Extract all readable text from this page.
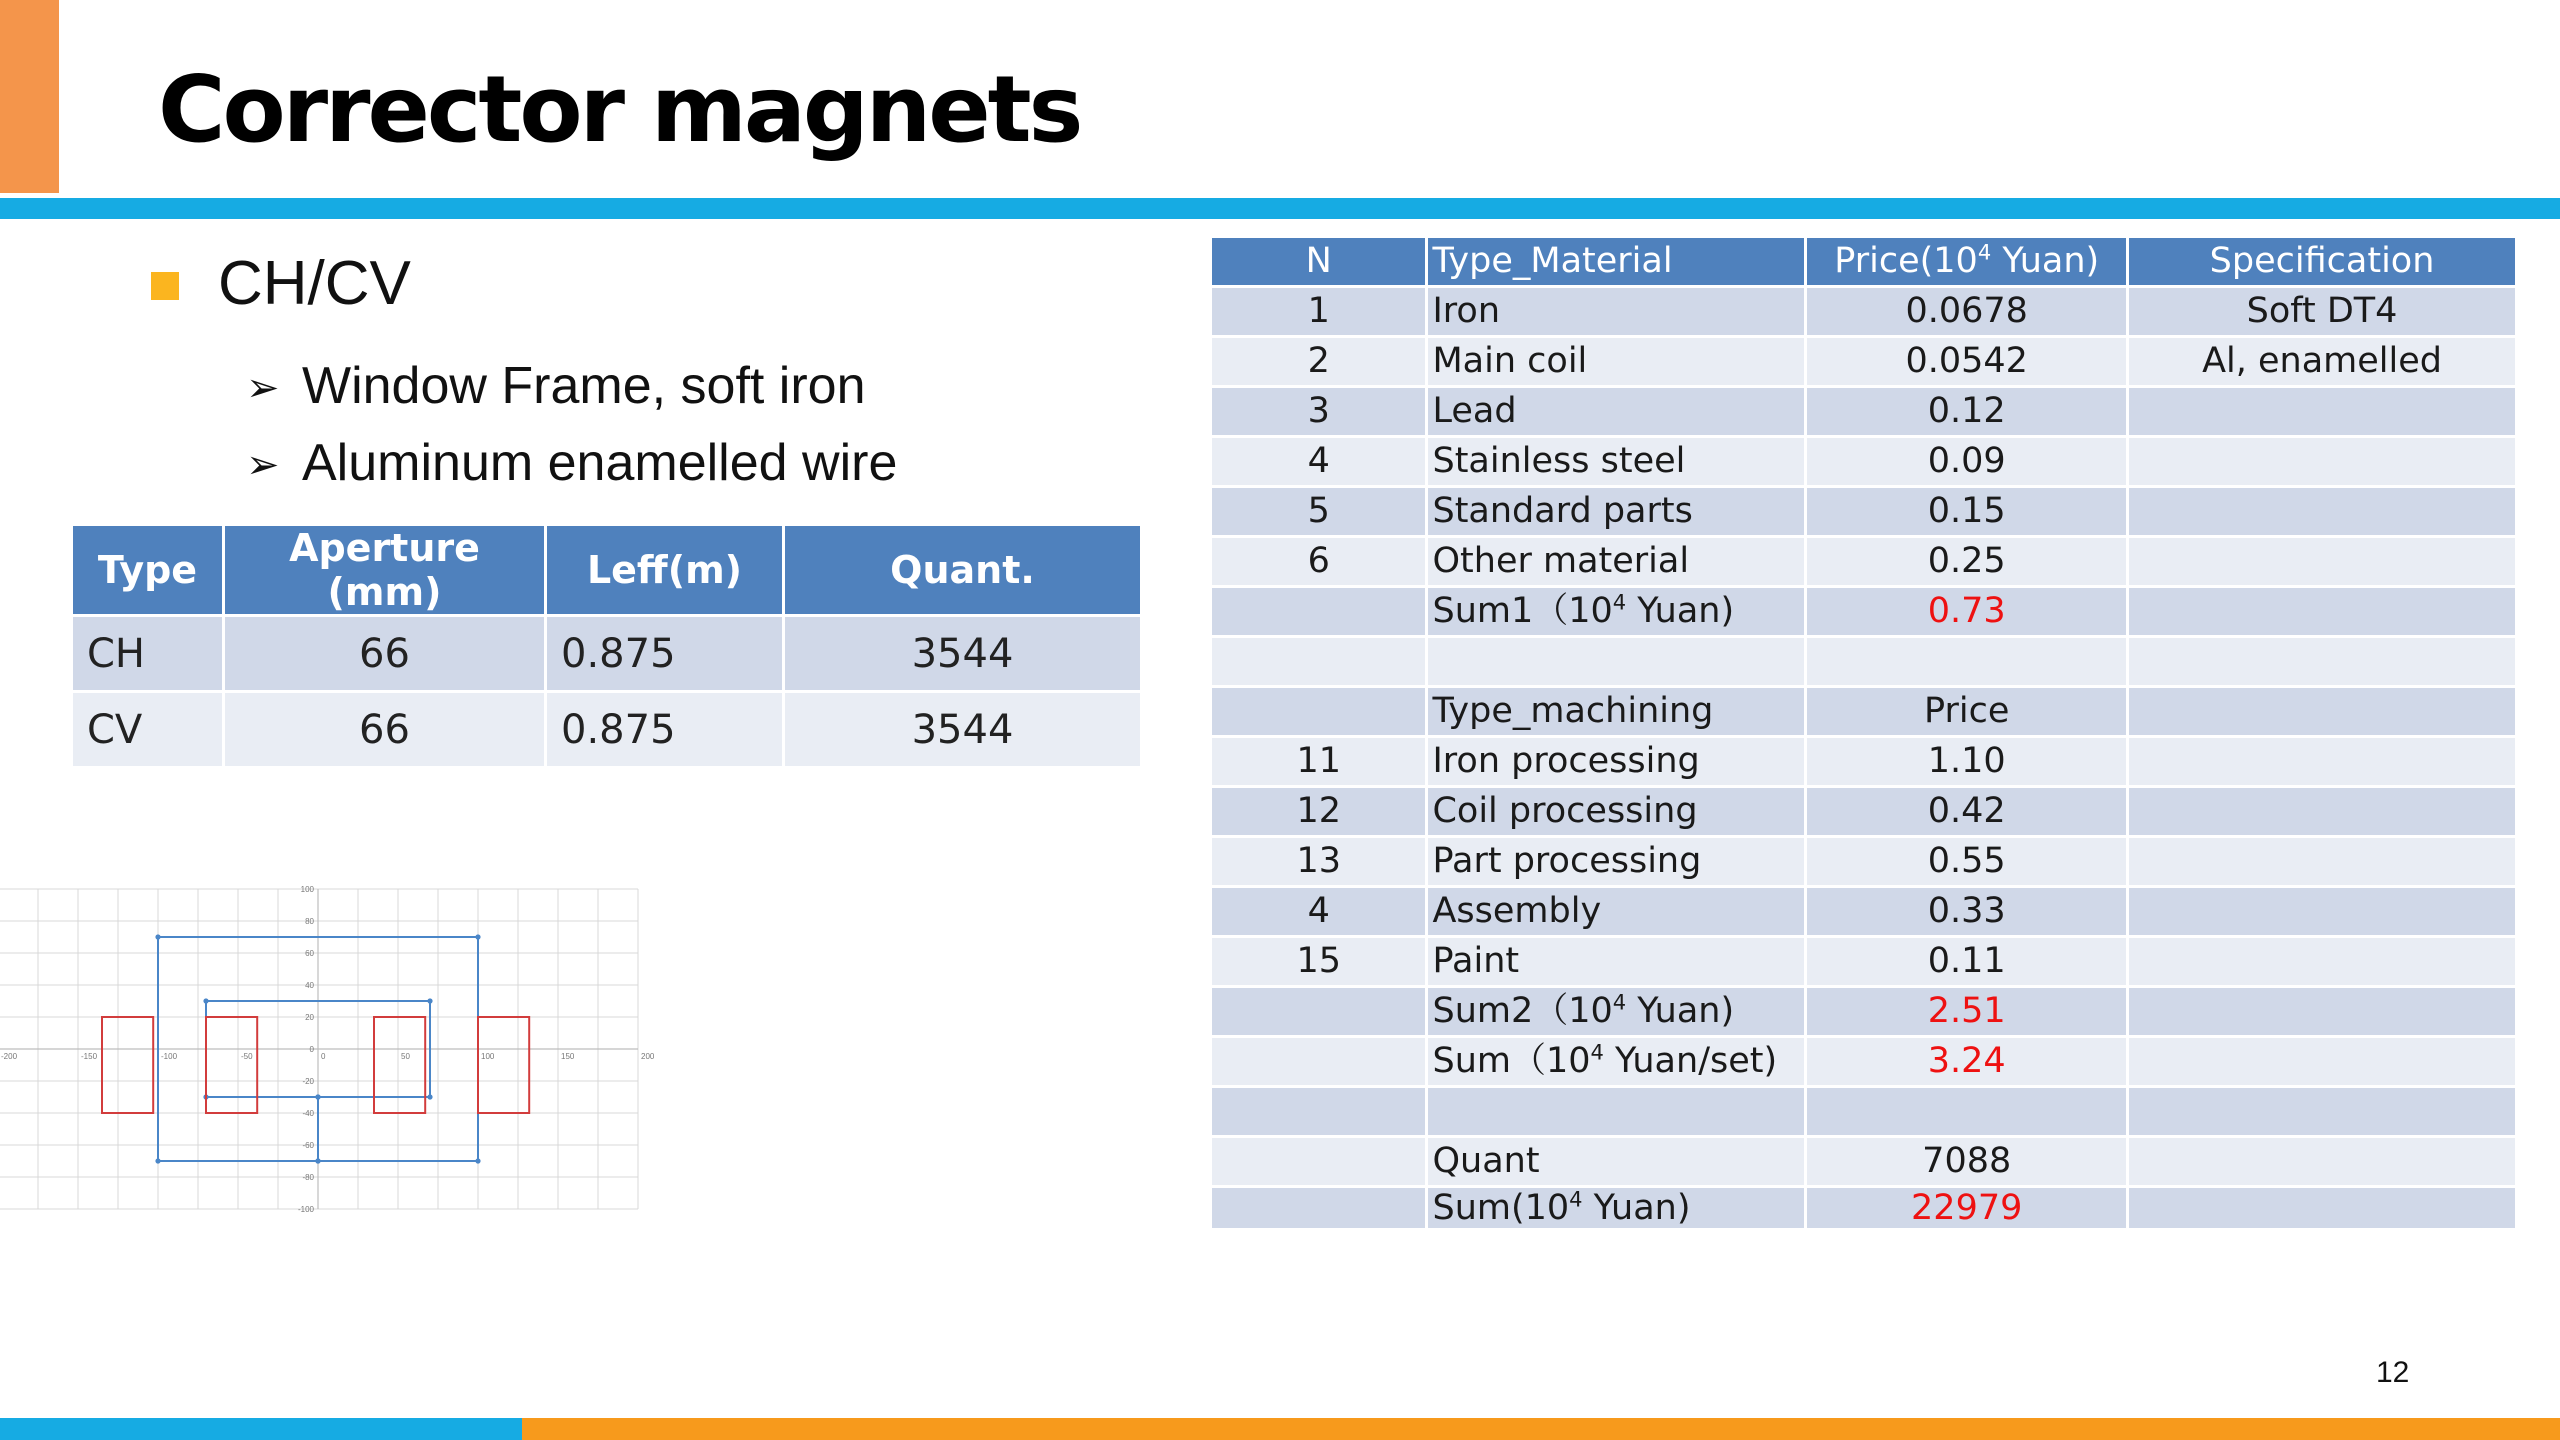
Corrector magnets
CH/CV
➢ Window Frame, soft iron
➢ Aluminum enamelled wire
Type	Aperture (mm)	Leff(m)	Quant.
CH	66	0.875	3544
CV	66	0.875	3544
100
80
60
40
20
0
-20
-40
-60
-80
-100
-200	-150	-100	-50	0	50	100	150	200
N	Type_Material	$Price(10^4$ Yuan)	Specification
1	Iron	0.0678	Soft DT4
2	Main coil	0.0542	Al, enamelled
3	Lead	0.12	
4	Stainless steel	0.09	
5	Standard parts	0.15	
6	Other material	0.25	
	$Sum1(10^4$ Yuan)	0.73	

	Type_machining	Price	
11	Iron processing	1.10	
12	Coil processing	0.42	
13	Part processing	0.55	
4	Assembly	0.33	
15	Paint	0.11	
	$Sum2(10^4$ Yuan)	2.51	
	$Sum(10^4$ Yuan/set)	3.24	

	Quant	7088	
	$Sum(10^4$ Yuan)	22979	
12
